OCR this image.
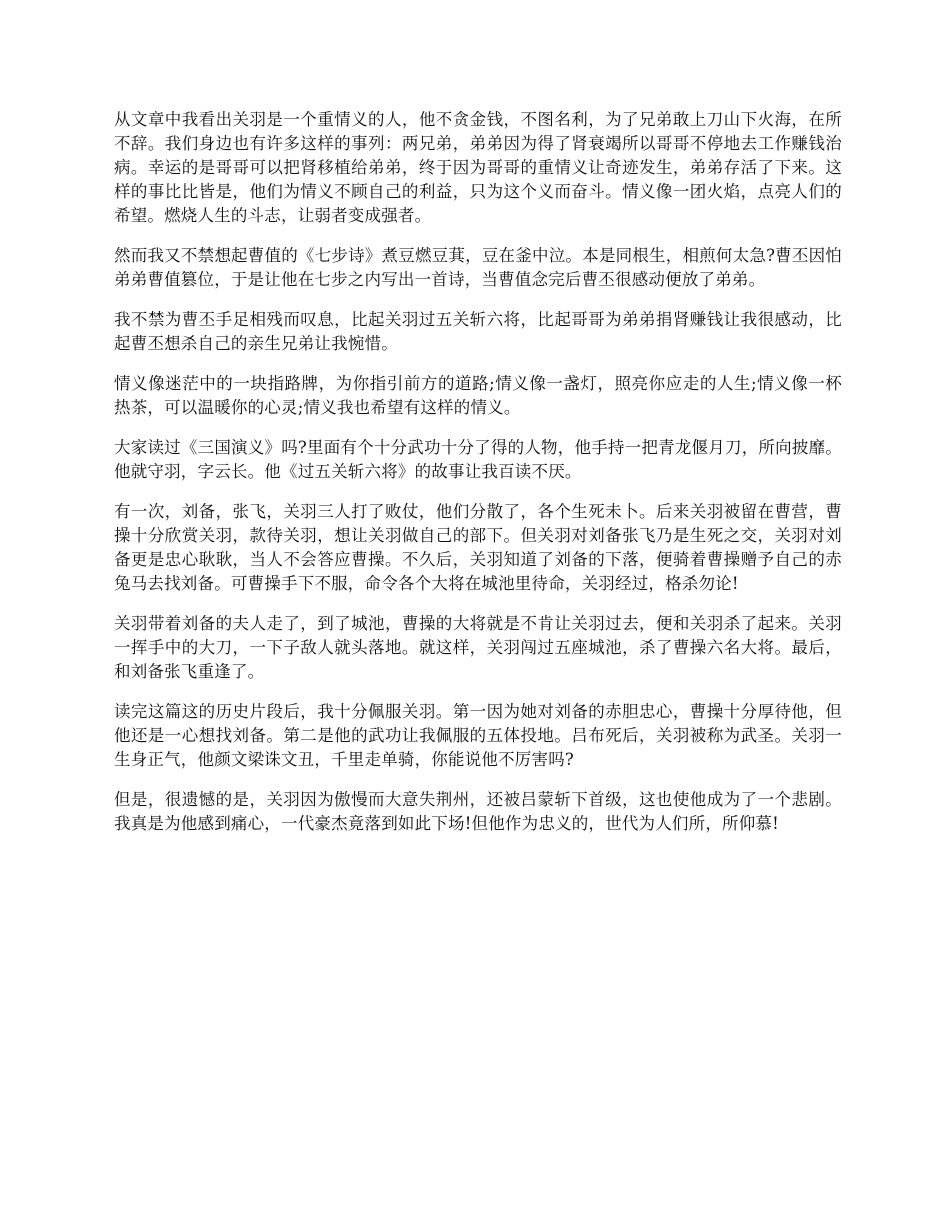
从文章中我看出关羽是一个重情义的人，他不贪金钱，不图名利，为了兄弟敢上刀山下火海，在所不辞。我们身边也有许多这样的事列：两兄弟，弟弟因为得了肾衰竭所以哥哥不停地去工作赚钱治病。幸运的是哥哥可以把肾移植给弟弟，终于因为哥哥的重情义让奇迹发生，弟弟存活了下来。这样的事比比皆是，他们为情义不顾自己的利益，只为这个义而奋斗。情义像一团火焰，点亮人们的希望。燃烧人生的斗志，让弱者变成强者。

然而我又不禁想起曹值的《七步诗》煮豆燃豆萁，豆在釜中泣。本是同根生，相煎何太急?曹丕因怕弟弟曹值篡位，于是让他在七步之内写出一首诗，当曹值念完后曹丕很感动便放了弟弟。

我不禁为曹丕手足相残而叹息，比起关羽过五关斩六将，比起哥哥为弟弟捐肾赚钱让我很感动，比起曹丕想杀自己的亲生兄弟让我惋惜。

情义像迷茫中的一块指路牌，为你指引前方的道路;情义像一盏灯，照亮你应走的人生;情义像一杯热茶，可以温暖你的心灵;情义我也希望有这样的情义。

大家读过《三国演义》吗?里面有个十分武功十分了得的人物，他手持一把青龙偃月刀，所向披靡。他就守羽，字云长。他《过五关斩六将》的故事让我百读不厌。

有一次，刘备，张飞，关羽三人打了败仗，他们分散了，各个生死未卜。后来关羽被留在曹营，曹操十分欣赏关羽，款待关羽，想让关羽做自己的部下。但关羽对刘备张飞乃是生死之交，关羽对刘备更是忠心耿耿，当人不会答应曹操。不久后，关羽知道了刘备的下落，便骑着曹操赠予自己的赤兔马去找刘备。可曹操手下不服，命令各个大将在城池里待命，关羽经过，格杀勿论!

关羽带着刘备的夫人走了，到了城池，曹操的大将就是不肯让关羽过去，便和关羽杀了起来。关羽一挥手中的大刀，一下子敌人就头落地。就这样，关羽闯过五座城池，杀了曹操六名大将。最后，和刘备张飞重逢了。

读完这篇这的历史片段后，我十分佩服关羽。第一因为她对刘备的赤胆忠心，曹操十分厚待他，但他还是一心想找刘备。第二是他的武功让我佩服的五体投地。吕布死后，关羽被称为武圣。关羽一生身正气，他颜文梁诛文丑，千里走单骑，你能说他不厉害吗?

但是，很遗憾的是，关羽因为傲慢而大意失荆州，还被吕蒙斩下首级，这也使他成为了一个悲剧。我真是为他感到痛心，一代豪杰竟落到如此下场!但他作为忠义的，世代为人们所，所仰慕!
